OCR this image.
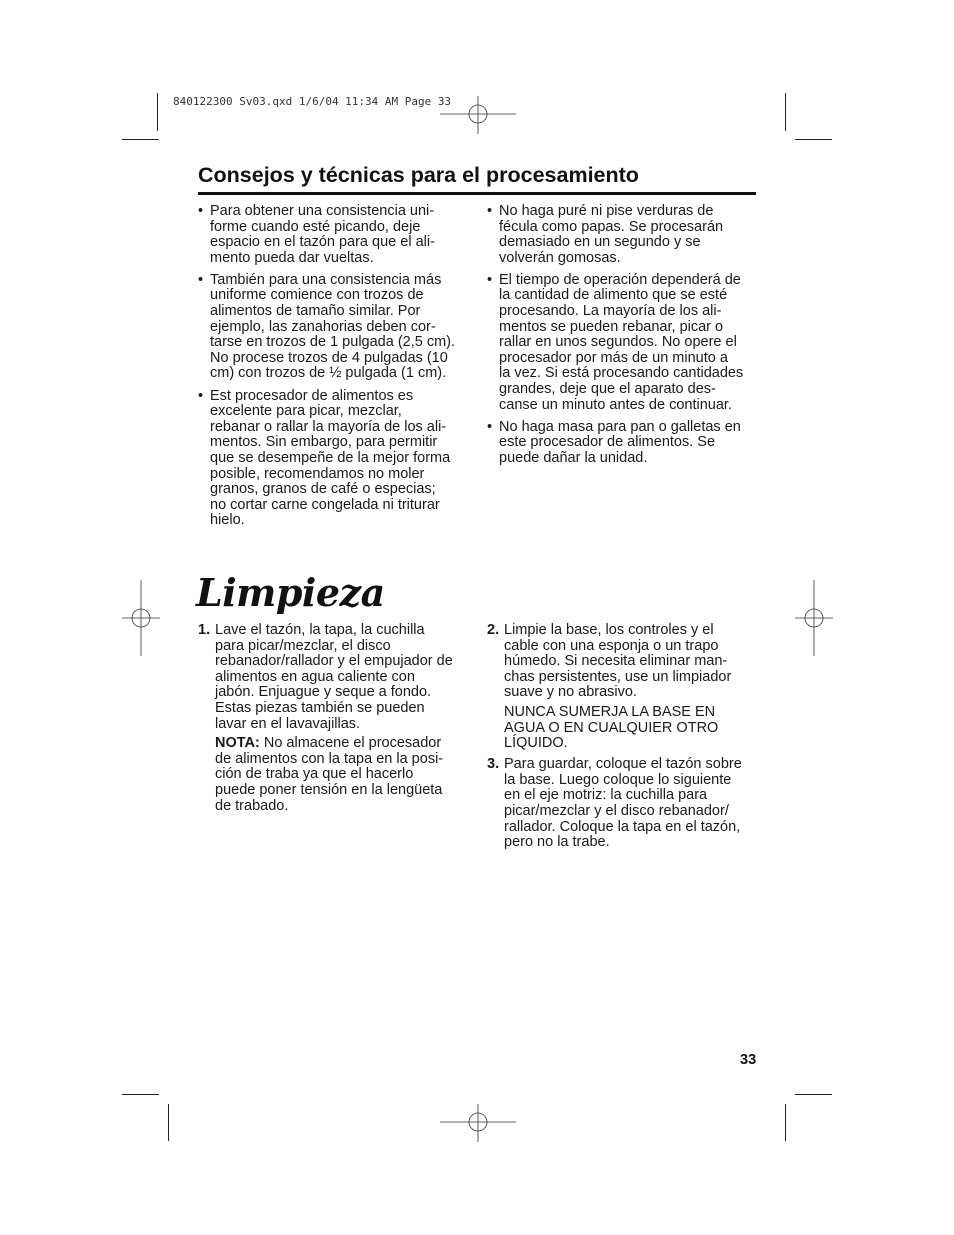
840122300 Sv03.qxd 1/6/04 11:34 AM Page 33
Consejos y técnicas para el procesamiento
• Para obtener una consistencia uni-
forme cuando esté picando, deje
espacio en el tazón para que el ali-
mento pueda dar vueltas.
• También para una consistencia más
uniforme comience con trozos de
alimentos de tamaño similar. Por
ejemplo, las zanahorias deben cor-
tarse en trozos de 1 pulgada (2,5 cm).
No procese trozos de 4 pulgadas (10
cm) con trozos de ½ pulgada (1 cm).
• Est procesador de alimentos es
excelente para picar, mezclar,
rebanar o rallar la mayoría de los ali-
mentos. Sin embargo, para permitir
que se desempeñe de la mejor forma
posible, recomendamos no moler
granos, granos de café o especias;
no cortar carne congelada ni triturar
hielo.
• No haga puré ni pise verduras de
fécula como papas. Se procesarán
demasiado en un segundo y se
volverán gomosas.
• El tiempo de operación dependerá de
la cantidad de alimento que se esté
procesando. La mayoría de los ali-
mentos se pueden rebanar, picar o
rallar en unos segundos. No opere el
procesador por más de un minuto a
la vez. Si está procesando cantidades
grandes, deje que el aparato des-
canse un minuto antes de continuar.
• No haga masa para pan o galletas en
este procesador de alimentos. Se
puede dañar la unidad.
Limpieza
1. Lave el tazón, la tapa, la cuchilla
para picar/mezclar, el disco
rebanador/rallador y el empujador de
alimentos en agua caliente con
jabón. Enjuague y seque a fondo.
Estas piezas también se pueden
lavar en el lavavajillas.
NOTA: No almacene el procesador
de alimentos con la tapa en la posi-
ción de traba ya que el hacerlo
puede poner tensión en la lengüeta
de trabado.
2. Limpie la base, los controles y el
cable con una esponja o un trapo
húmedo. Si necesita eliminar man-
chas persistentes, use un limpiador
suave y no abrasivo.
NUNCA SUMERJA LA BASE EN
AGUA O EN CUALQUIER OTRO
LÍQUIDO.
3. Para guardar, coloque el tazón sobre
la base. Luego coloque lo siguiente
en el eje motriz: la cuchilla para
picar/mezclar y el disco rebanador/
rallador. Coloque la tapa en el tazón,
pero no la trabe.
33
